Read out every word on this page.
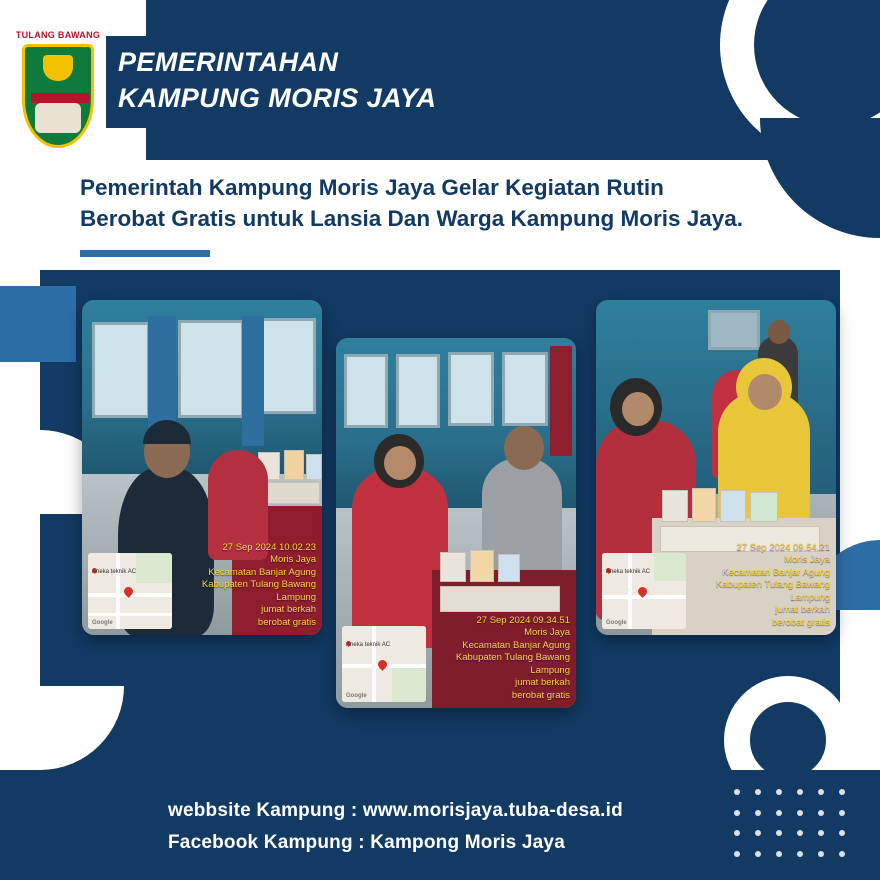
TULANG BAWANG
PEMERINTAHAN
KAMPUNG MORIS JAYA
Pemerintah Kampung Moris Jaya Gelar Kegiatan Rutin
Berobat Gratis untuk Lansia Dan Warga Kampung Moris Jaya.
Aneka teknik AC
Google
27 Sep 2024 10.02.23
Moris Jaya
Kecamatan Banjar Agung
Kabupaten Tulang Bawang
Lampung
jumat berkah
berobat gratis
Aneka teknik AC
Google
27 Sep 2024 09.34.51
Moris Jaya
Kecamatan Banjar Agung
Kabupaten Tulang Bawang
Lampung
jumat berkah
berobat gratis
Aneka teknik AC
Google
27 Sep 2024 09.54.21
Moris Jaya
Kecamatan Banjar Agung
Kabupaten Tulang Bawang
Lampung
jumat berkah
berobat gratis
webbsite Kampung : www.morisjaya.tuba-desa.id
Facebook Kampung : Kampong Moris Jaya
